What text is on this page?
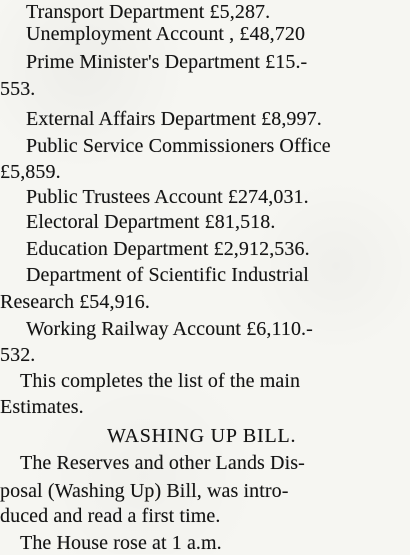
Transport Department £5,287.
Unemployment Account , £48,720
Prime Minister's Department £15.-
553.
External Affairs Department £8,997.
Public Service Commissioners Office
£5,859.
Public Trustees Account £274,031.
Electoral Department £81,518.
Education Department £2,912,536.
Department of Scientific Industrial
Research £54,916.
Working Railway Account £6,110.-
532.
This completes the list of the main
Estimates.
WASHING UP BILL.
The Reserves and other Lands Dis-
posal (Washing Up) Bill, was intro-
duced and read a first time.
The House rose at 1 a.m.
